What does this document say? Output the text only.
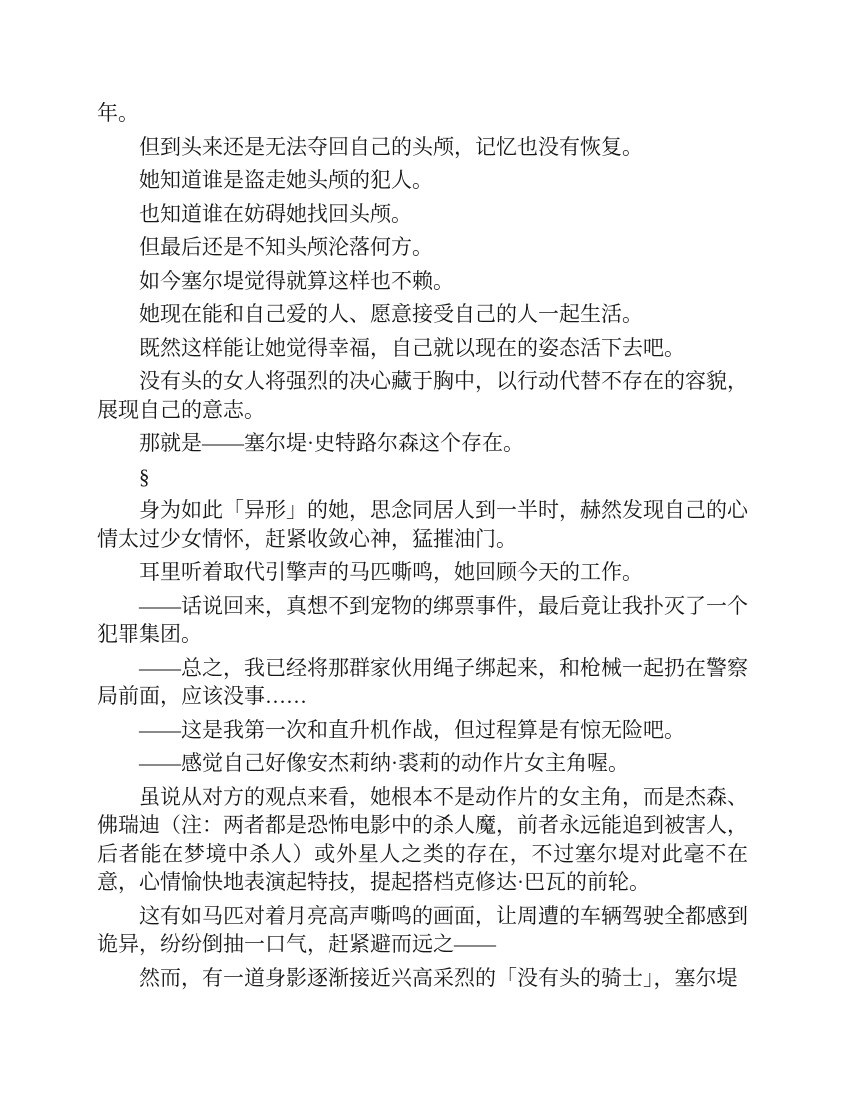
年。

但到头来还是无法夺回自己的头颅，记忆也没有恢复。

她知道谁是盗走她头颅的犯人。

也知道谁在妨碍她找回头颅。

但最后还是不知头颅沦落何方。

如今塞尔堤觉得就算这样也不赖。

她现在能和自己爱的人、愿意接受自己的人一起生活。

既然这样能让她觉得幸福，自己就以现在的姿态活下去吧。

没有头的女人将强烈的决心藏于胸中，以行动代替不存在的容貌，展现自己的意志。

那就是——塞尔堤·史特路尔森这个存在。

§

身为如此「异形」的她，思念同居人到一半时，赫然发现自己的心情太过少女情怀，赶紧收敛心神，猛摧油门。

耳里听着取代引擎声的马匹嘶鸣，她回顾今天的工作。

——话说回来，真想不到宠物的绑票事件，最后竟让我扑灭了一个犯罪集团。

——总之，我已经将那群家伙用绳子绑起来，和枪械一起扔在警察局前面，应该没事……

——这是我第一次和直升机作战，但过程算是有惊无险吧。

——感觉自己好像安杰莉纳·裘莉的动作片女主角喔。

虽说从对方的观点来看，她根本不是动作片的女主角，而是杰森、佛瑞迪（注：两者都是恐怖电影中的杀人魔，前者永远能追到被害人，后者能在梦境中杀人）或外星人之类的存在，不过塞尔堤对此毫不在意，心情愉快地表演起特技，提起搭档克修达·巴瓦的前轮。

这有如马匹对着月亮高声嘶鸣的画面，让周遭的车辆驾驶全都感到诡异，纷纷倒抽一口气，赶紧避而远之——

然而，有一道身影逐渐接近兴高采烈的「没有头的骑士」，塞尔堤
